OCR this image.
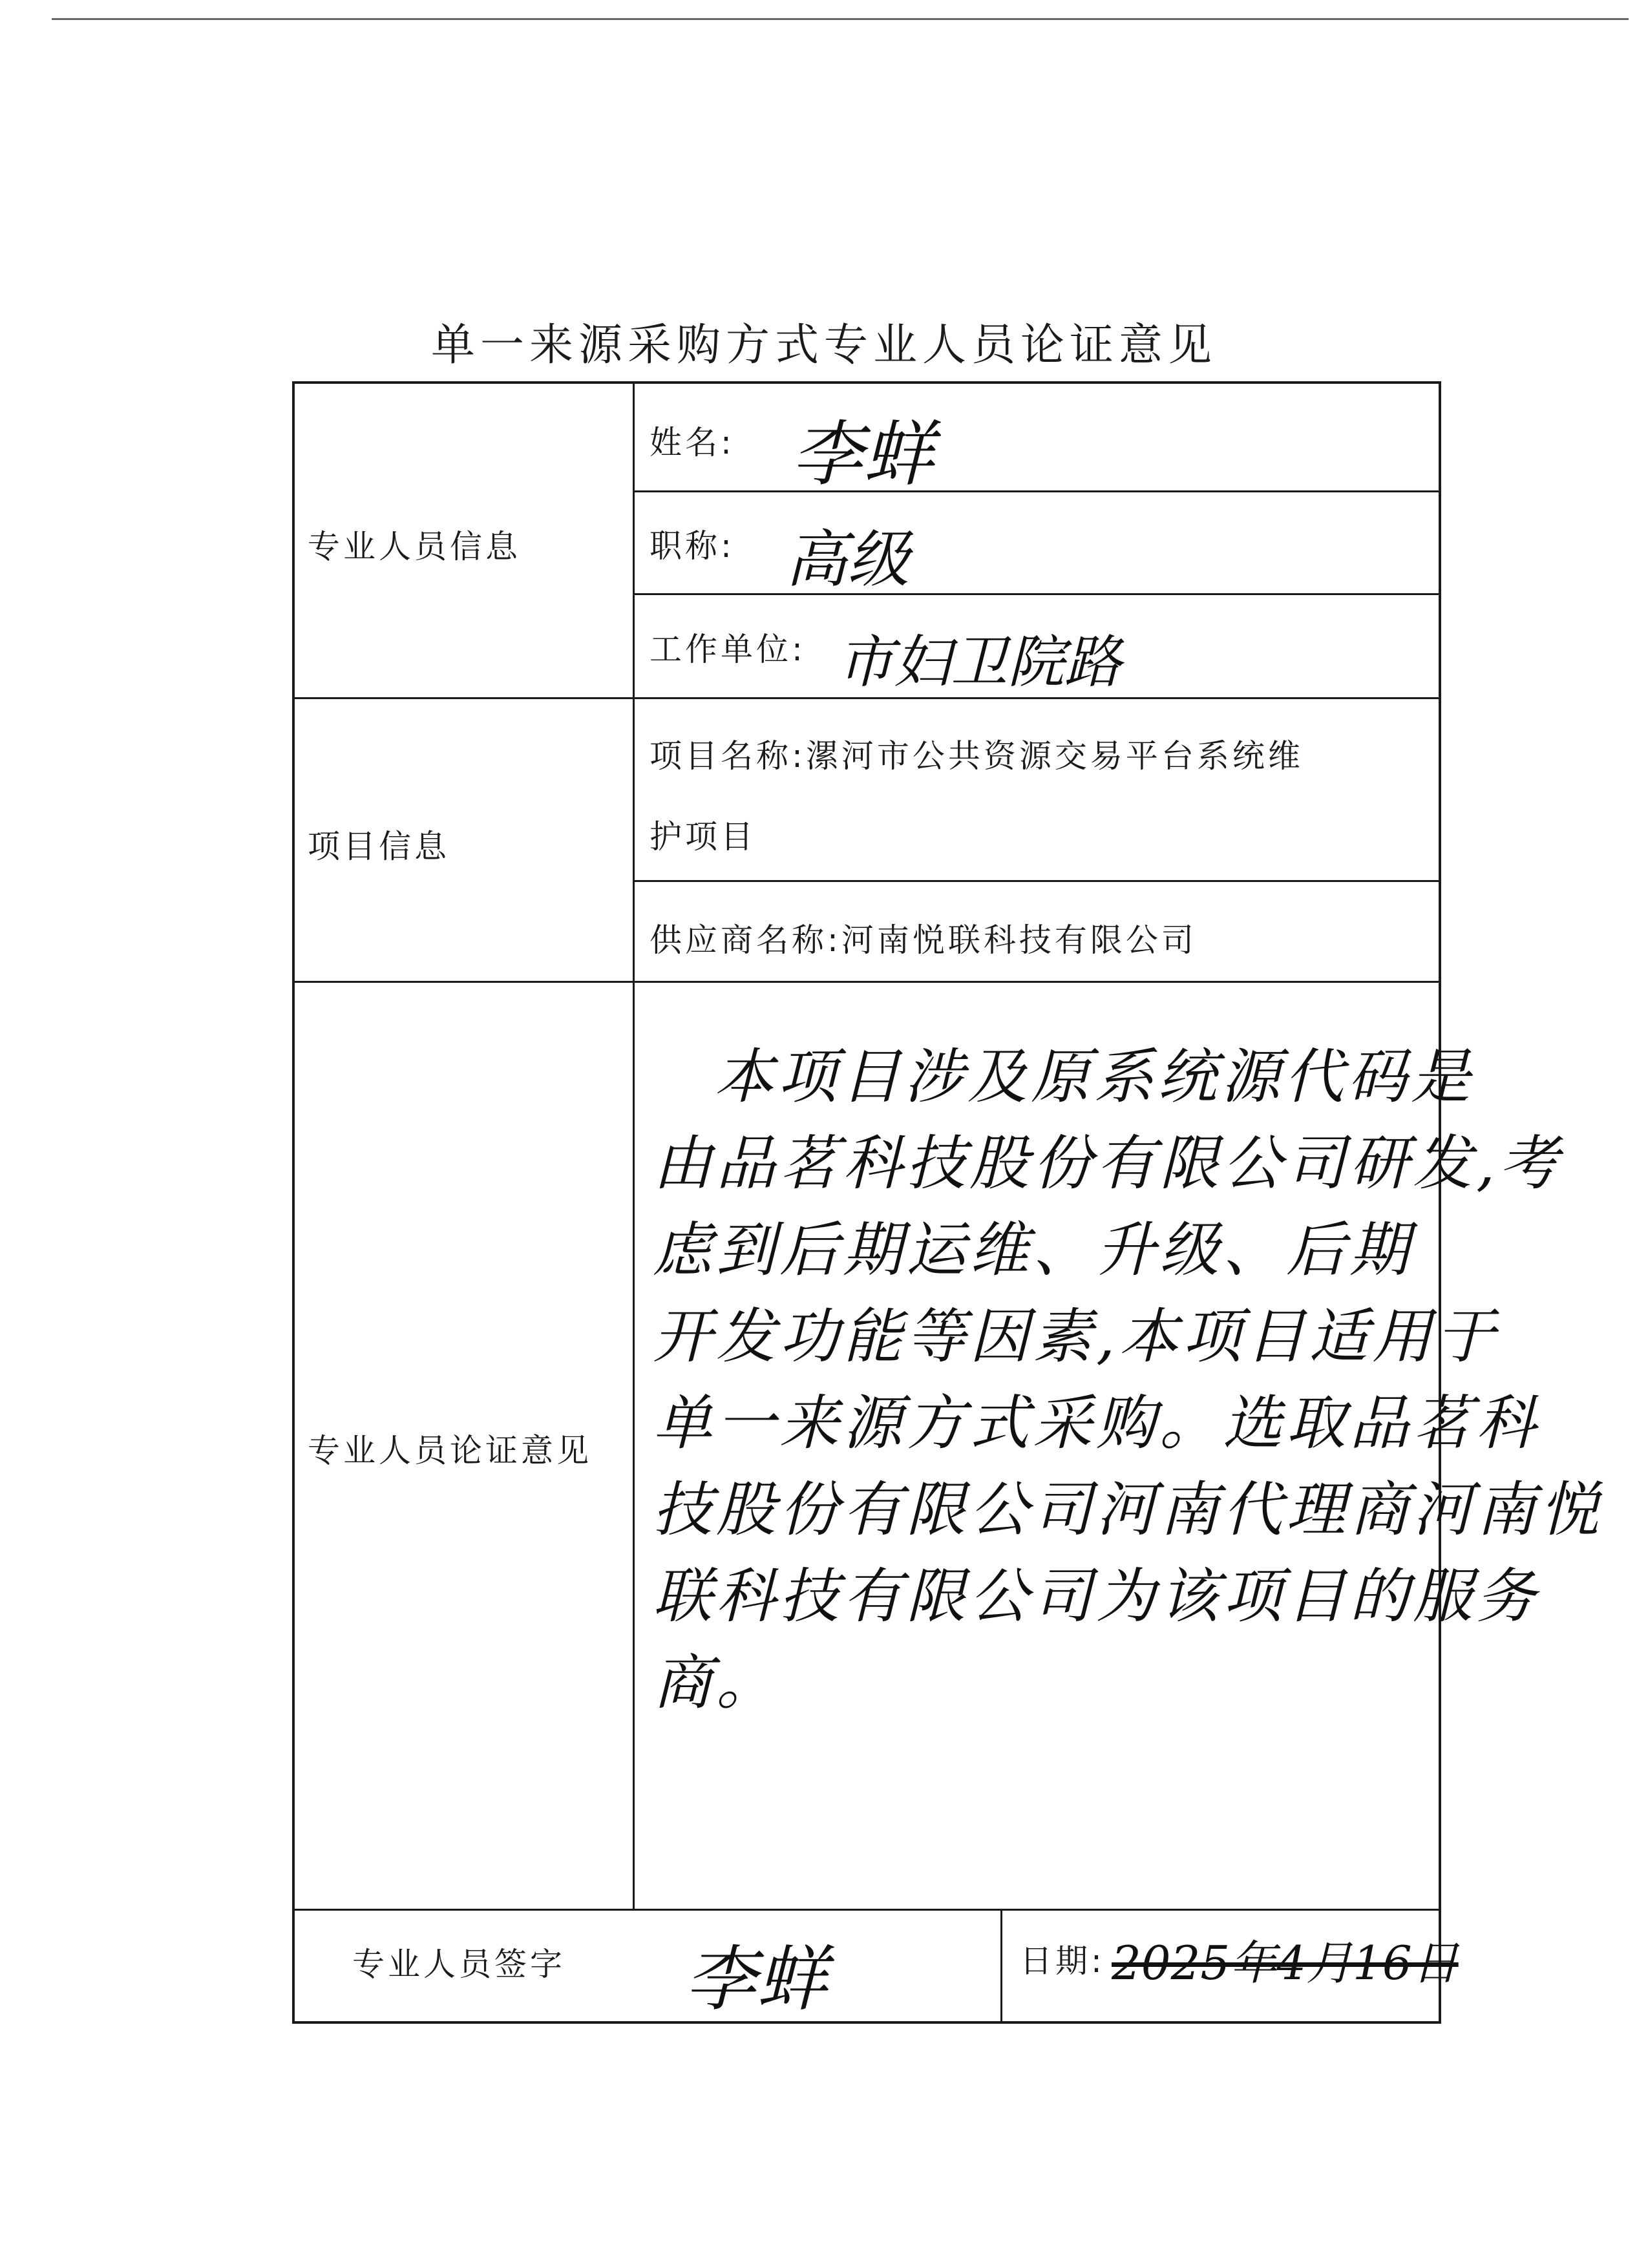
单一来源采购方式专业人员论证意见
专业人员信息
姓名: 李蛘
职称: 高级
工作单位: 市妇卫院路
项目信息
项目名称:漯河市公共资源交易平台系统维
护项目
供应商名称:河南悦联科技有限公司
专业人员论证意见
本项目涉及原系统源代码是
由品茗科技股份有限公司研发,考
虑到后期运维、升级、后期
开发功能等因素,本项目适用于
单一来源方式采购。选取品茗科
技股份有限公司河南代理商河南悦
联科技有限公司为该项目的服务
商。
专业人员签字 李蛘	日期: 2025年4月16日
